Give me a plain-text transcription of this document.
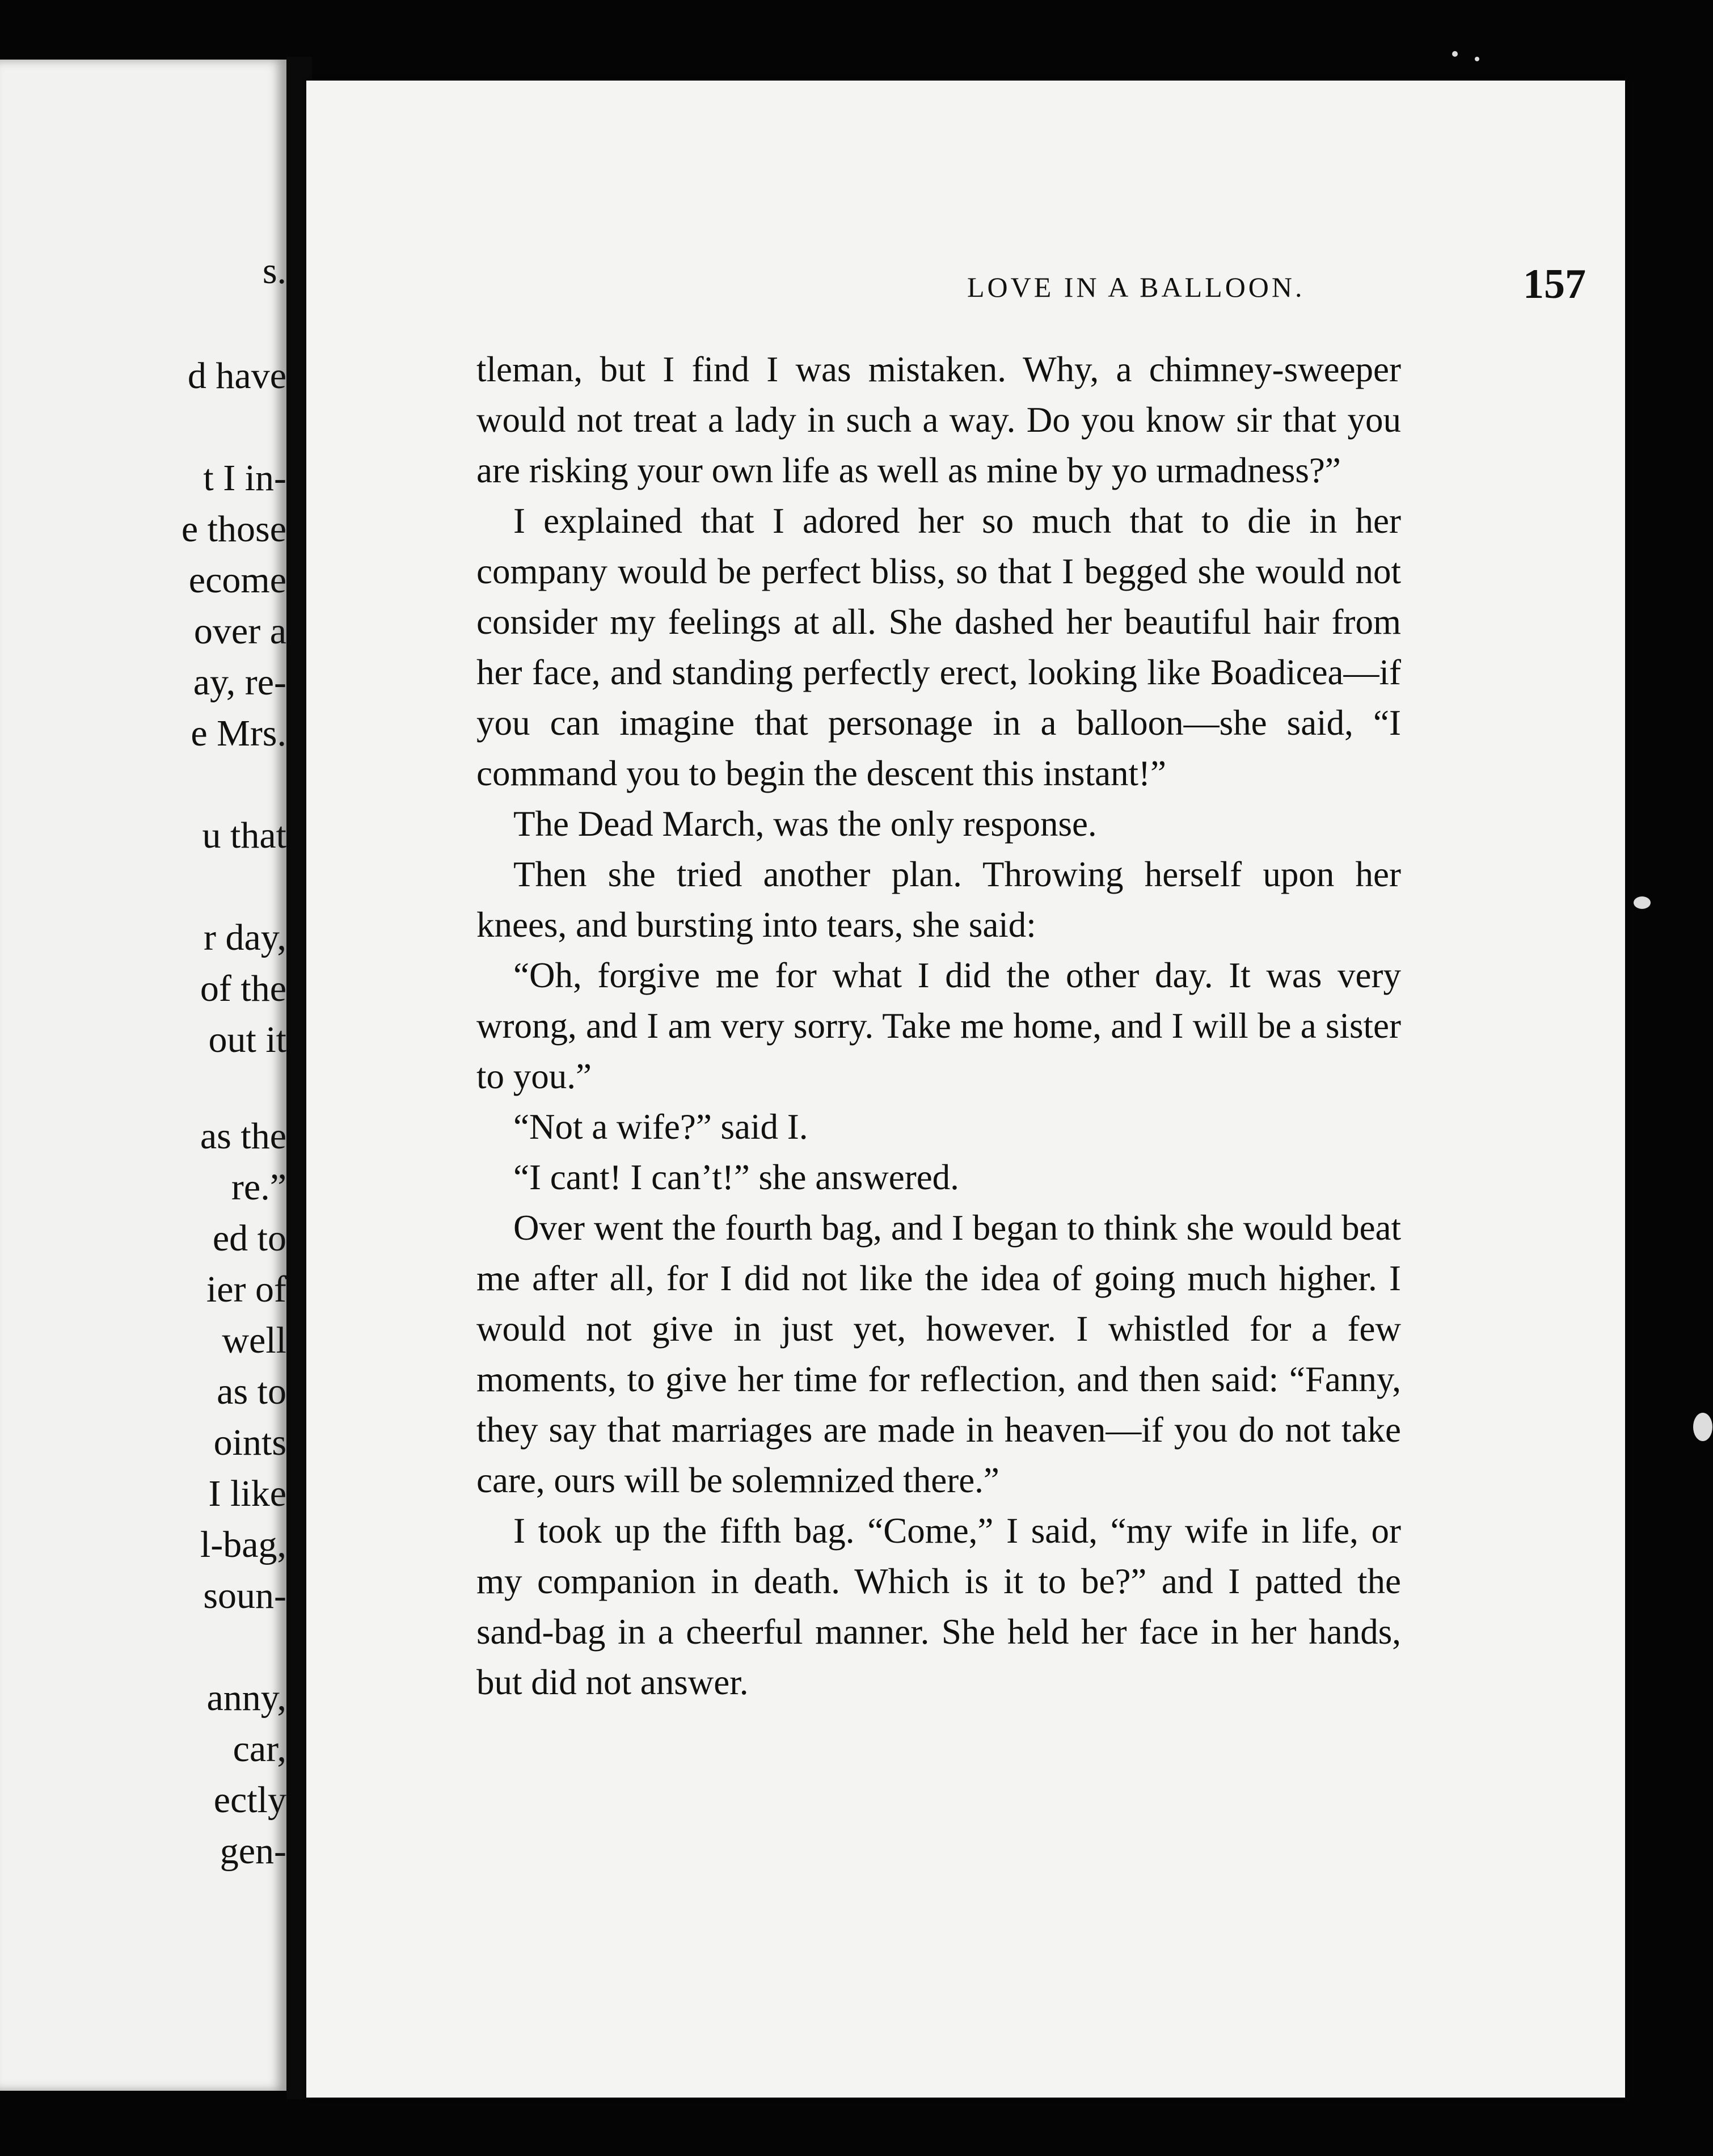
s.
d have
t I in-
e those
ecome
over a
ay, re-
e Mrs.
u that
r day,
of the
out it
as the
re.”
ed to
ier of
well
as to
oints
I like
l-bag,
soun-
anny,
car,
ectly
gen-
LOVE IN A BALLOON.	157

tleman, but I find I was mistaken. Why, a chimney-sweeper would not treat a lady in such a way. Do you know sir that you are risking your own life as well as mine by yo urmadness?”

I explained that I adored her so much that to die in her company would be perfect bliss, so that I begged she would not consider my feelings at all. She dashed her beautiful hair from her face, and standing perfectly erect, looking like Boadicea—if you can imagine that personage in a balloon—she said, “I command you to begin the descent this instant!”

The Dead March, was the only response.

Then she tried another plan. Throwing herself upon her knees, and bursting into tears, she said:

“Oh, forgive me for what I did the other day. It was very wrong, and I am very sorry. Take me home, and I will be a sister to you.”

“Not a wife?” said I.

“I cant! I can’t!” she answered.

Over went the fourth bag, and I began to think she would beat me after all, for I did not like the idea of going much higher. I would not give in just yet, however. I whistled for a few moments, to give her time for reflection, and then said: “Fanny, they say that marriages are made in heaven—if you do not take care, ours will be solemnized there.”

I took up the fifth bag. “Come,” I said, “my wife in life, or my companion in death. Which is it to be?” and I patted the sand-bag in a cheerful manner. She held her face in her hands, but did not answer.
